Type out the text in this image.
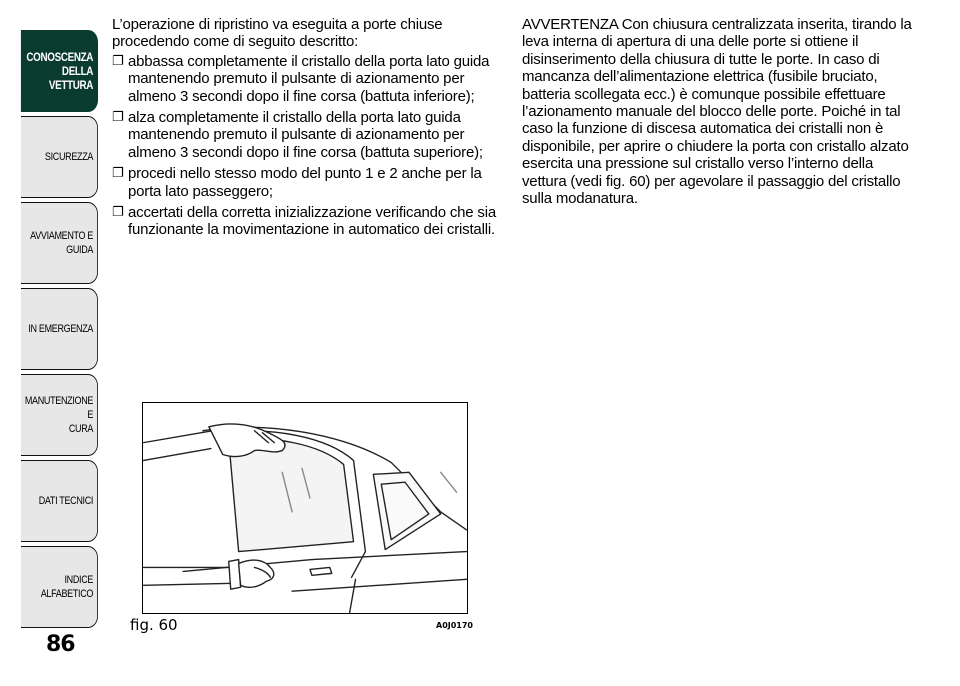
CONOSCENZA
DELLA VETTURA
SICUREZZA
AVVIAMENTO E
GUIDA
IN EMERGENZA
MANUTENZIONE E
CURA
DATI TECNICI
INDICE ALFABETICO
86

L’operazione di ripristino va eseguita a porte chiuse procedendo come di seguito descritto:

❐ abbassa completamente il cristallo della porta lato guida mantenendo premuto il pulsante di azionamento per almeno 3 secondi dopo il fine corsa (battuta inferiore);
❐ alza completamente il cristallo della porta lato guida mantenendo premuto il pulsante di azionamento per almeno 3 secondi dopo il fine corsa (battuta superiore);
❐ procedi nello stesso modo del punto 1 e 2 anche per la porta lato passeggero;
❐ accertati della corretta inizializzazione verificando che sia funzionante la movimentazione in automatico dei cristalli.

AVVERTENZA Con chiusura centralizzata inserita, tirando la leva interna di apertura di una delle porte si ottiene il disinserimento della chiusura di tutte le porte. In caso di mancanza dell’alimentazione elettrica (fusibile bruciato, batteria scollegata ecc.) è comunque possibile effettuare l’azionamento manuale del blocco delle porte. Poiché in tal caso la funzione di discesa automatica dei cristalli non è disponibile, per aprire o chiudere la porta con cristallo alzato esercita una pressione sul cristallo verso l’interno della vettura (vedi fig. 60) per agevolare il passaggio del cristallo sulla modanatura.

fig. 60	A0J0170
